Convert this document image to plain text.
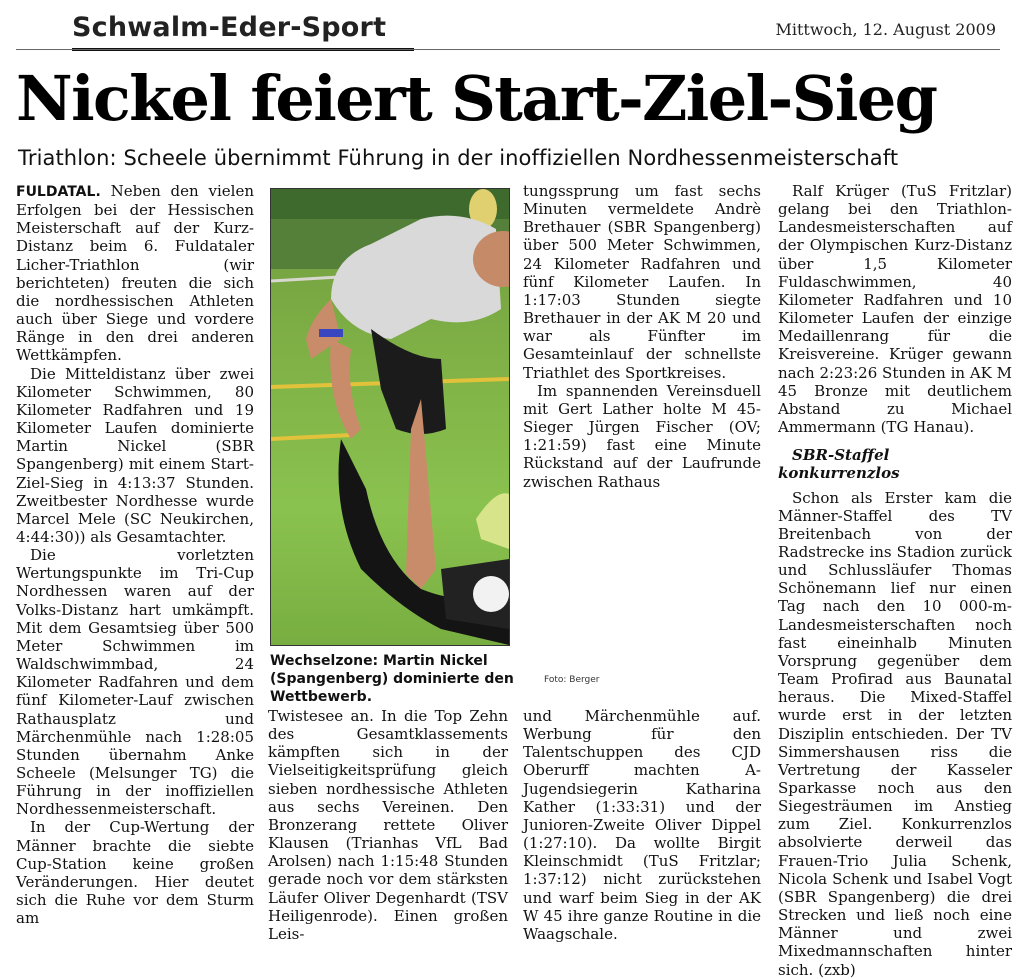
Schwalm-Eder-Sport	Mittwoch, 12. August 2009
Nickel feiert Start-Ziel-Sieg
Triathlon: Scheele übernimmt Führung in der inoffiziellen Nordhessenmeisterschaft

FULDATAL. Neben den vielen Erfolgen bei der Hessischen Meisterschaft auf der Kurz-Distanz beim 6. Fuldataler Licher-Triathlon (wir berichteten) freuten die sich die nordhessischen Athleten auch über Siege und vordere Ränge in den drei anderen Wettkämpfen.

Die Mitteldistanz über zwei Kilometer Schwimmen, 80 Kilometer Radfahren und 19 Kilometer Laufen dominierte Martin Nickel (SBR Spangenberg) mit einem Start-Ziel-Sieg in 4:13:37 Stunden. Zweitbester Nordhesse wurde Marcel Mele (SC Neukirchen, 4:44:30)) als Gesamtachter.

Die vorletzten Wertungspunkte im Tri-Cup Nordhessen waren auf der Volks-Distanz hart umkämpft. Mit dem Gesamtsieg über 500 Meter Schwimmen im Waldschwimmbad, 24 Kilometer Radfahren und dem fünf Kilometer-Lauf zwischen Rathausplatz und Märchenmühle nach 1:28:05 Stunden übernahm Anke Scheele (Melsunger TG) die Führung in der inoffiziellen Nordhessenmeisterschaft.

In der Cup-Wertung der Männer brachte die siebte Cup-Station keine großen Veränderungen. Hier deutet sich die Ruhe vor dem Sturm am

Wechselzone: Martin Nickel (Spangenberg) dominierte den Wettbewerb.
Foto: Berger

Twistesee an. In die Top Zehn des Gesamtklassements kämpften sich in der Vielseitigkeitsprüfung gleich sieben nordhessische Athleten aus sechs Vereinen. Den Bronzerang rettete Oliver Klausen (Trianhas VfL Bad Arolsen) nach 1:15:48 Stunden gerade noch vor dem stärksten Läufer Oliver Degenhardt (TSV Heiligenrode). Einen großen Leis-

tungssprung um fast sechs Minuten vermeldete Andrè Brethauer (SBR Spangenberg) über 500 Meter Schwimmen, 24 Kilometer Radfahren und fünf Kilometer Laufen. In 1:17:03 Stunden siegte Brethauer in der AK M 20 und war als Fünfter im Gesamteinlauf der schnellste Triathlet des Sportkreises.

Im spannenden Vereinsduell mit Gert Lather holte M 45-Sieger Jürgen Fischer (OV; 1:21:59) fast eine Minute Rückstand auf der Laufrunde zwischen Rathaus

und Märchenmühle auf. Werbung für den Talentschuppen des CJD Oberurff machten A-Jugendsiegerin Katharina Kather (1:33:31) und der Junioren-Zweite Oliver Dippel (1:27:10). Da wollte Birgit Kleinschmidt (TuS Fritzlar; 1:37:12) nicht zurückstehen und warf beim Sieg in der AK W 45 ihre ganze Routine in die Waagschale.

Ralf Krüger (TuS Fritzlar) gelang bei den Triathlon-Landesmeisterschaften auf der Olympischen Kurz-Distanz über 1,5 Kilometer Fuldaschwimmen, 40 Kilometer Radfahren und 10 Kilometer Laufen der einzige Medaillenrang für die Kreisvereine. Krüger gewann nach 2:23:26 Stunden in AK M 45 Bronze mit deutlichem Abstand zu Michael Ammermann (TG Hanau).

SBR-Staffel konkurrenzlos

Schon als Erster kam die Männer-Staffel des TV Breitenbach von der Radstrecke ins Stadion zurück und Schlussläufer Thomas Schönemann lief nur einen Tag nach den 10 000-m-Landesmeisterschaften noch fast eineinhalb Minuten Vorsprung gegenüber dem Team Profirad aus Baunatal heraus. Die Mixed-Staffel wurde erst in der letzten Disziplin entschieden. Der TV Simmershausen riss die Vertretung der Kasseler Sparkasse noch aus den Siegesträumen im Anstieg zum Ziel. Konkurrenzlos absolvierte derweil das Frauen-Trio Julia Schenk, Nicola Schenk und Isabel Vogt (SBR Spangenberg) die drei Strecken und ließ noch eine Männer und zwei Mixedmannschaften hinter sich. (zxb)
